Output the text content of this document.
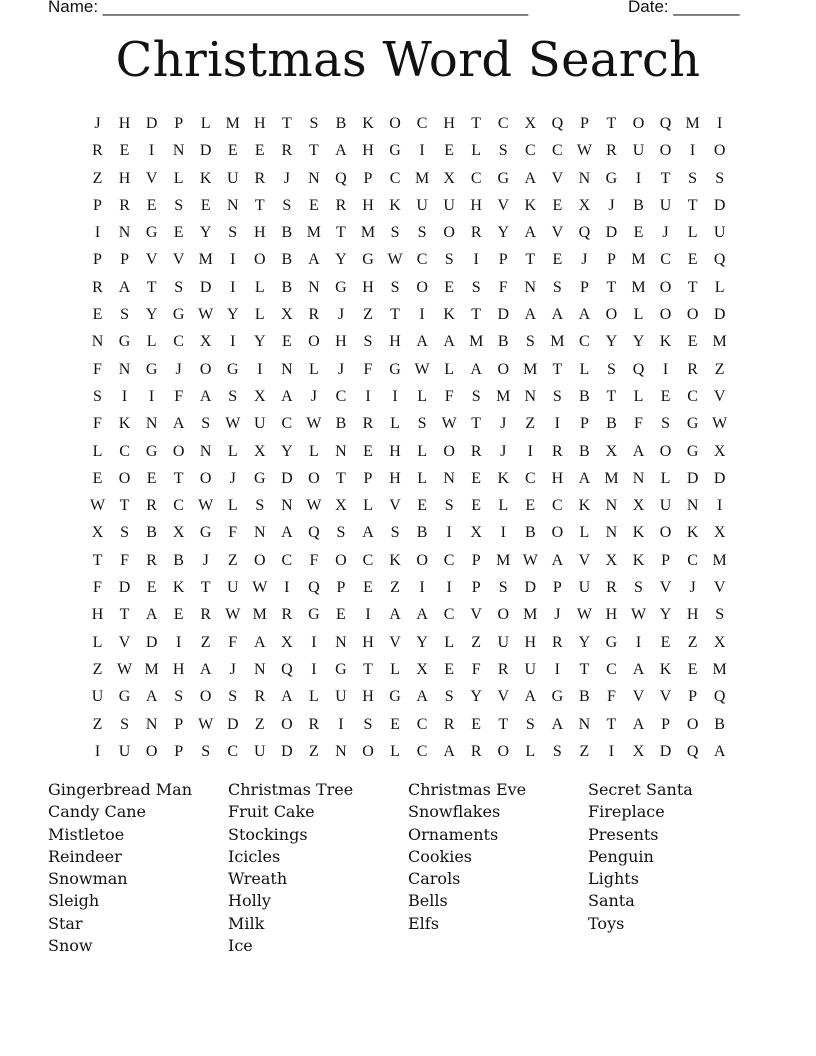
Name: _____________________________________________

	Date: _______

Christmas Word Search
J	H D	P	L M H	T	S	B K O C H	T	C X Q	P	T	O Q M	I
R	E	I	N D	E	E	R	T	A H G	I	E	L	S	C	C W R U O	I	O
Z	H V	L	K U R	J	N Q	P	C M X C G A V N G	I	T	S	S
P	R	E	S	E	N	T	S	E	R H K U U H V K	E	X	J	B U	T	D
I	N G	E	Y	S	H B M T M S	S	O R Y A V Q D	E	J	L	U
P	P	V V M	I	O B A Y G W C	S	I	P	T	E	J	P M C	E	Q
R A	T	S	D	I	L	B N G H	S	O	E	S	F	N	S	P	T M O	T	L
E	S	Y G W Y	L	X R	J	Z	T	I	K	T	D A A A O	L	O O D
N G	L	C X	I	Y	E	O H	S	H A A M B	S M C Y Y K	E M
F	N G	J	O G	I	N	L	J	F	G W L	A O M T	L	S	Q	I	R	Z
S	I	I	F	A	S	X A	J	C	I	I	L	F	S M N	S	B	T	L	E	C V
F	K N A	S W U C W B	R	L	S W T	J	Z	I	P	B	F	S	G W
L	C G O N	L	X Y	L	N	E	H	L	O R	J	I	R	B X A O G X
E	O	E	T	O	J	G D O	T	P	H	L	N	E	K C H A M N	L	D D
W T	R	C W L	S	N W X	L	V	E	S	E	L	E	C K N X U N	I
X	S	B X G	F	N A Q	S	A	S	B	I	X	I	B O	L	N K O K X
T	F	R	B	J	Z	O C	F	O C K O C	P M W A V X K	P	C M
F	D	E	K	T	U W	I	Q	P	E	Z	I	I	P	S	D	P	U R	S	V	J	V
H	T	A	E	R W M R G	E	I	A A C V O M	J	W H W Y H	S
L	V D	I	Z	F	A X	I	N H V Y	L	Z	U H R Y G	I	E	Z	X
Z W M H A	J	N Q	I	G	T	L	X	E	F	R U	I	T	C A K	E M
U G A	S	O	S	R A	L	U H G A	S	Y V A G B	F	V V	P	Q
Z	S	N	P W D	Z	O R	I	S	E	C	R	E	T	S	A N	T	A	P	O B
I	U O	P	S	C U D	Z	N O	L	C A R O	L	S	Z	I	X D Q A
Gingerbread Man
Candy Cane
Mistletoe
Reindeer
Snowman
Sleigh
Star
Snow
Christmas Tree
Fruit Cake
Stockings
Icicles
Wreath
Holly
Milk
Ice
Christmas Eve
Snowflakes
Ornaments
Cookies
Carols
Bells
Elfs
Secret Santa
Fireplace
Presents
Penguin
Lights
Santa
Toys
